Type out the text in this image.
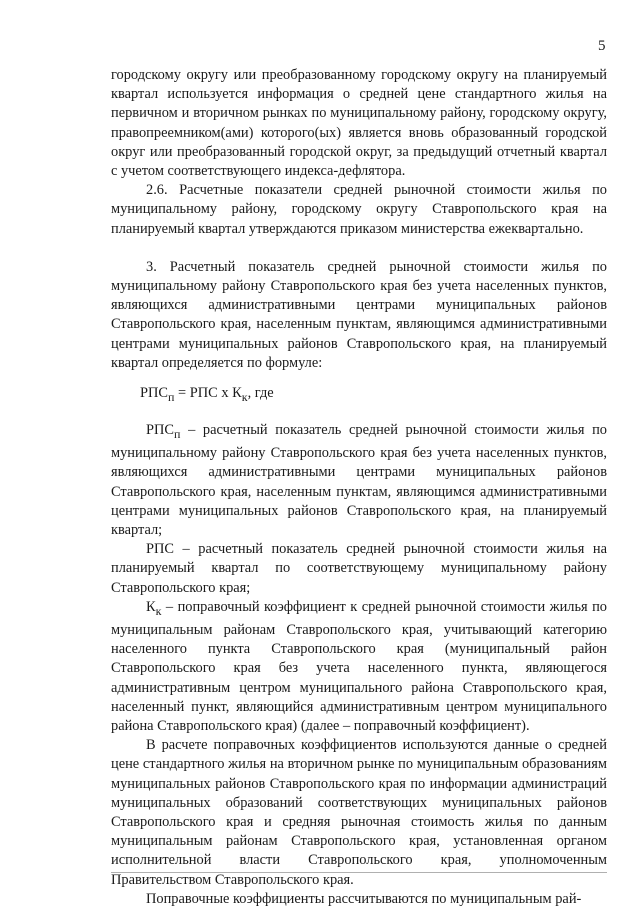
5

городскому округу или преобразованному городскому округу на планируемый квартал используется информация о средней цене стандартного жилья на первичном и вторичном рынках по муниципальному району, городскому округу, правопреемником(ами) которого(ых) является вновь образованный городской округ или преобразованный городской округ, за предыдущий отчетный квартал с учетом соответствующего индекса-дефлятора.

2.6. Расчетные показатели средней рыночной стоимости жилья по муниципальному району, городскому округу Ставропольского края на планируемый квартал утверждаются приказом министерства ежеквартально.

3. Расчетный показатель средней рыночной стоимости жилья по муниципальному району Ставропольского края без учета населенных пунктов, являющихся административными центрами муниципальных районов Ставропольского края, населенным пунктам, являющимся административными центрами муниципальных районов Ставропольского края, на планируемый квартал определяется по формуле:

$РПС_п$ = РПС х $К_к$, где

$РПС_п$ – расчетный показатель средней рыночной стоимости жилья по муниципальному району Ставропольского края без учета населенных пунктов, являющихся административными центрами муниципальных районов Ставропольского края, населенным пунктам, являющимся административными центрами муниципальных районов Ставропольского края, на планируемый квартал;

РПС – расчетный показатель средней рыночной стоимости жилья на планируемый квартал по соответствующему муниципальному району Ставропольского края;

$К_к$ – поправочный коэффициент к средней рыночной стоимости жилья по муниципальным районам Ставропольского края, учитывающий категорию населенного пункта Ставропольского края (муниципальный район Ставропольского края без учета населенного пункта, являющегося административным центром муниципального района Ставропольского края, населенный пункт, являющийся административным центром муниципального района Ставропольского края) (далее – поправочный коэффициент).

В расчете поправочных коэффициентов используются данные о средней цене стандартного жилья на вторичном рынке по муниципальным образованиям муниципальных районов Ставропольского края по информации администраций муниципальных образований соответствующих муниципальных районов Ставропольского края и средняя рыночная стоимость жилья по данным муниципальным районам Ставропольского края, установленная органом исполнительной власти Ставропольского края, уполномоченным Правительством Ставропольского края.

Поправочные коэффициенты рассчитываются по муниципальным рай-
